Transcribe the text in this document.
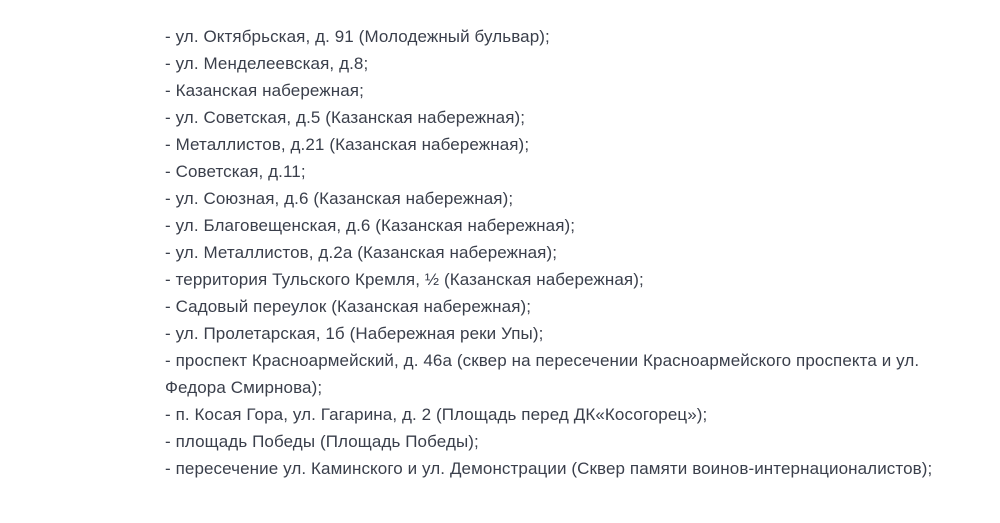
- ул. Октябрьская, д. 91 (Молодежный бульвар);
- ул. Менделеевская, д.8;
- Казанская набережная;
- ул. Советская, д.5 (Казанская набережная);
- Металлистов, д.21 (Казанская набережная);
- Советская, д.11;
- ул. Союзная, д.6 (Казанская набережная);
- ул. Благовещенская, д.6 (Казанская набережная);
- ул. Металлистов, д.2а (Казанская набережная);
- территория Тульского Кремля, ½ (Казанская набережная);
- Садовый переулок (Казанская набережная);
- ул. Пролетарская, 1б (Набережная реки Упы);
- проспект Красноармейский, д. 46а (сквер на пересечении Красноармейского проспекта и ул. Федора Смирнова);
- п. Косая Гора, ул. Гагарина, д. 2 (Площадь перед ДК«Косогорец»);
- площадь Победы (Площадь Победы);
- пересечение ул. Каминского и ул. Демонстрации (Сквер памяти воинов-интернационалистов);
